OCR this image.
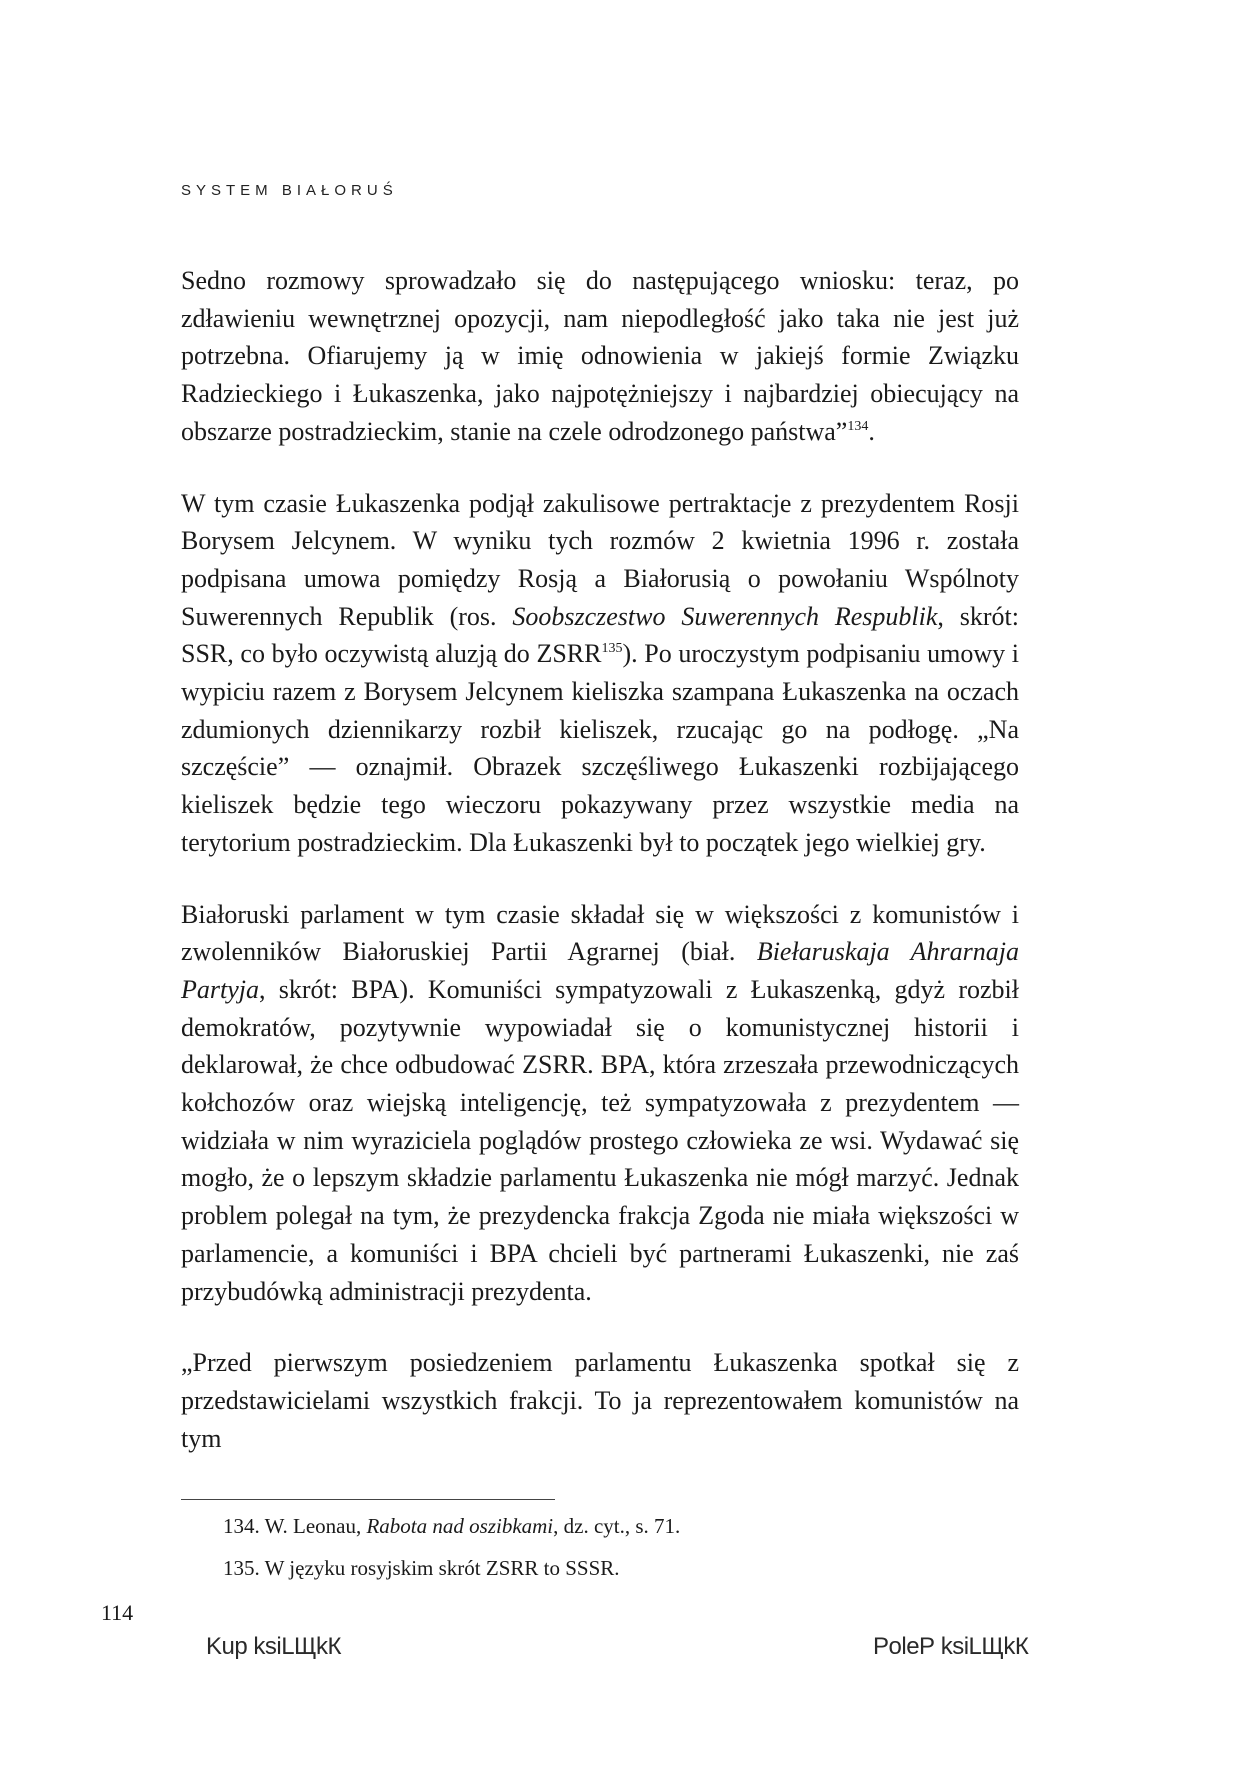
SYSTEM BIAŁORUŚ

Sedno rozmowy sprowadzało się do następującego wniosku: teraz, po zdławieniu wewnętrznej opozycji, nam niepodległość jako taka nie jest już potrzebna. Ofiarujemy ją w imię odnowienia w jakiejś formie Związku Radzieckiego i Łukaszenka, jako najpotężniejszy i najbardziej obiecujący na obszarze postradzieckim, stanie na czele odrodzonego państwa”$^{134}$.

W tym czasie Łukaszenka podjął zakulisowe pertraktacje z prezydentem Rosji Borysem Jelcynem. W wyniku tych rozmów 2 kwietnia 1996 r. została podpisana umowa pomiędzy Rosją a Białorusią o powołaniu Wspólnoty Suwerennych Republik (ros. Soobszczestwo Suwerennych Respublik, skrót: SSR, co było oczywistą aluzją do ZSRR$^{135}$). Po uroczystym podpisaniu umowy i wypiciu razem z Borysem Jelcynem kieliszka szampana Łukaszenka na oczach zdumionych dziennikarzy rozbił kieliszek, rzucając go na podłogę. „Na szczęście” — oznajmił. Obrazek szczęśliwego Łukaszenki rozbijającego kieliszek będzie tego wieczoru pokazywany przez wszystkie media na terytorium postradzieckim. Dla Łukaszenki był to początek jego wielkiej gry.

Białoruski parlament w tym czasie składał się w większości z komunistów i zwolenników Białoruskiej Partii Agrarnej (biał. Biełaruskaja Ahrarnaja Partyja, skrót: BPA). Komuniści sympatyzowali z Łukaszenką, gdyż rozbił demokratów, pozytywnie wypowiadał się o komunistycznej historii i deklarował, że chce odbudować ZSRR. BPA, która zrzeszała przewodniczących kołchozów oraz wiejską inteligencję, też sympatyzowała z prezydentem — widziała w nim wyraziciela poglądów prostego człowieka ze wsi. Wydawać się mogło, że o lepszym składzie parlamentu Łukaszenka nie mógł marzyć. Jednak problem polegał na tym, że prezydencka frakcja Zgoda nie miała większości w parlamencie, a komuniści i BPA chcieli być partnerami Łukaszenki, nie zaś przybudówką administracji prezydenta.

„Przed pierwszym posiedzeniem parlamentu Łukaszenka spotkał się z przedstawicielami wszystkich frakcji. To ja reprezentowałem komunistów na tym

134. W. Leonau, Rabota nad oszibkami, dz. cyt., s. 71.
135. W języku rosyjskim skrót ZSRR to SSSR.
114
Kup ksiLЩkК	PoleР ksiLЩkК
